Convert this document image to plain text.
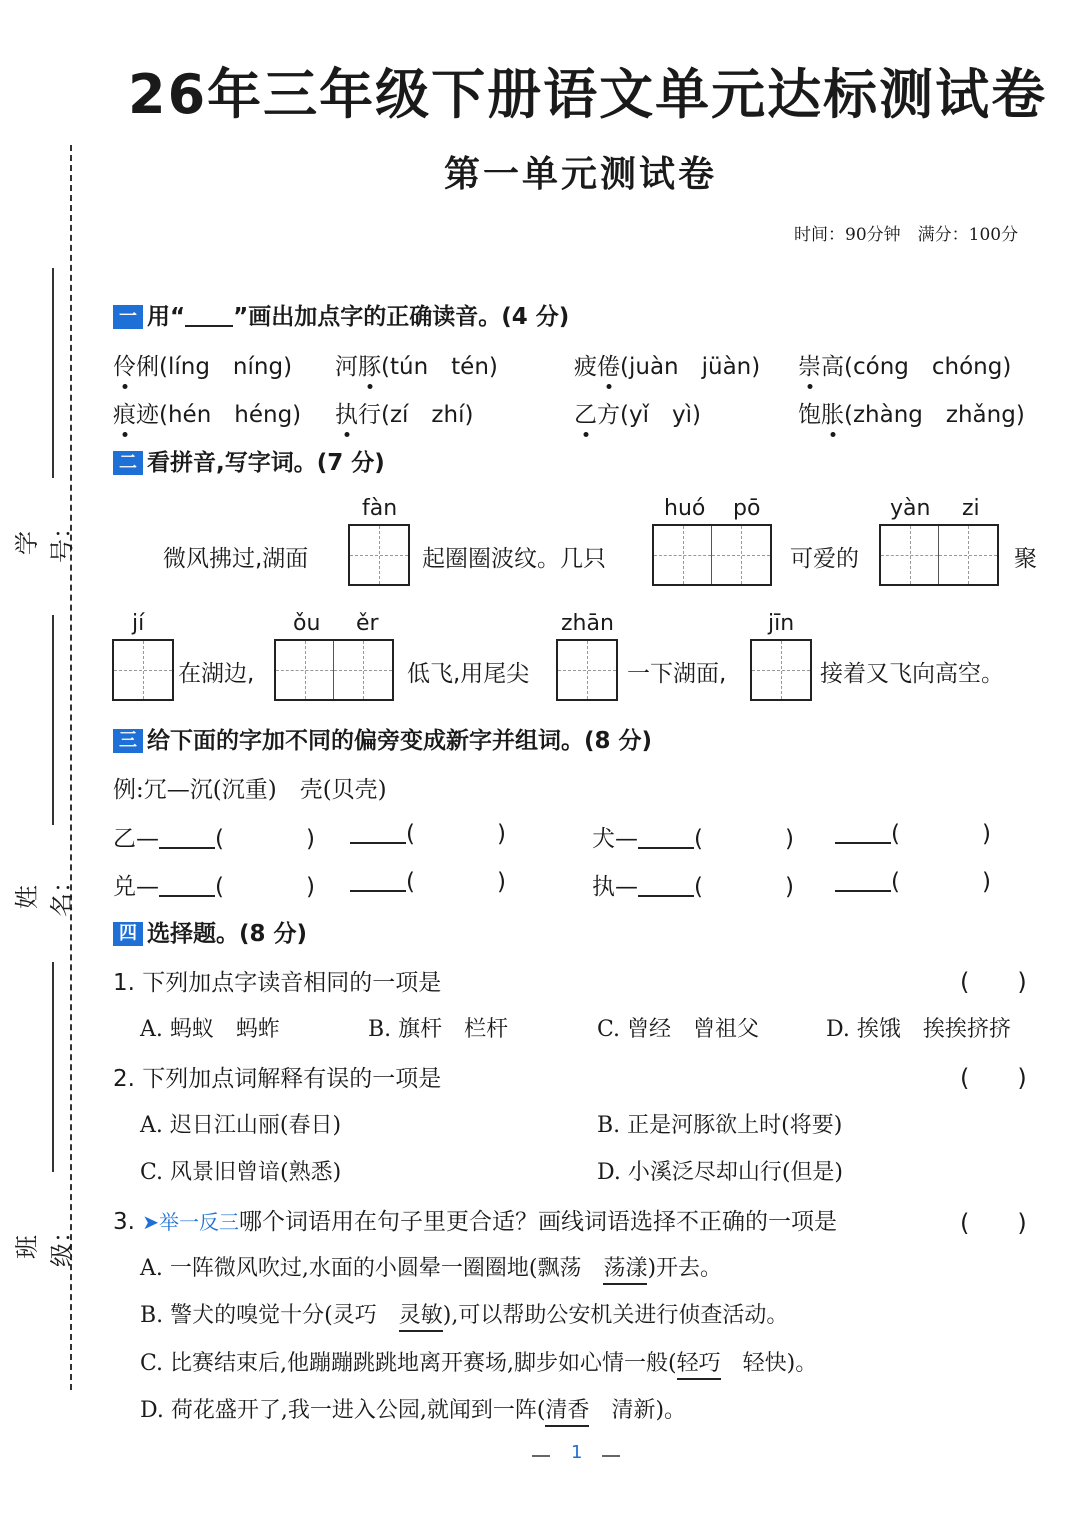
学号：
姓名：
班级：
26年三年级下册语文单元达标测试卷
第一单元测试卷
时间：90分钟　满分：100分
一 用“ ”画出加点字的正确读音。(4 分)
伶俐(líng　níng) 河豚(tún　tén)	疲倦(juàn　jüàn) 崇高(cóng　chóng)
痕迹(hén　héng) 执行(zí　zhí)	乙方(yǐ　yì)	饱胀(zhàng　zhǎng)
二 看拼音,写字词。(7 分)
fàn	huó pō	yàn zi
微风拂过,湖面	起圈圈波纹。几只	可爱的	聚
jí	ǒu ěr	zhān	jīn
在湖边,	低飞,用尾尖	一下湖面,	接着又飞向高空。
三 给下面的字加不同的偏旁变成新字并组词。(8 分)
例:冗—沉(沉重)　壳(贝壳)
乙— (	)	(	)	犬— (	)	(	)
兑— (	)	(	)	执— (	)	(	)
四 选择题。(8 分)
1. 下列加点字读音相同的一项是	(　　)
A. 蚂蚁　蚂蚱	B. 旗杆　栏杆	C. 曾经　曾祖父	D. 挨饿　挨挨挤挤
2. 下列加点词解释有误的一项是	(　　)
A. 迟日江山丽(春日)	B. 正是河豚欲上时(将要)
C. 风景旧曾谙(熟悉)	D. 小溪泛尽却山行(但是)
3. ➤举一反三哪个词语用在句子里更合适？画线词语选择不正确的一项是	(　　)
A. 一阵微风吹过,水面的小圆晕一圈圈地(飘荡　荡漾)开去。
B. 警犬的嗅觉十分(灵巧　灵敏),可以帮助公安机关进行侦查活动。
C. 比赛结束后,他蹦蹦跳跳地离开赛场,脚步如心情一般(轻巧　轻快)。
D. 荷花盛开了,我一进入公园,就闻到一阵(清香　清新)。
1
